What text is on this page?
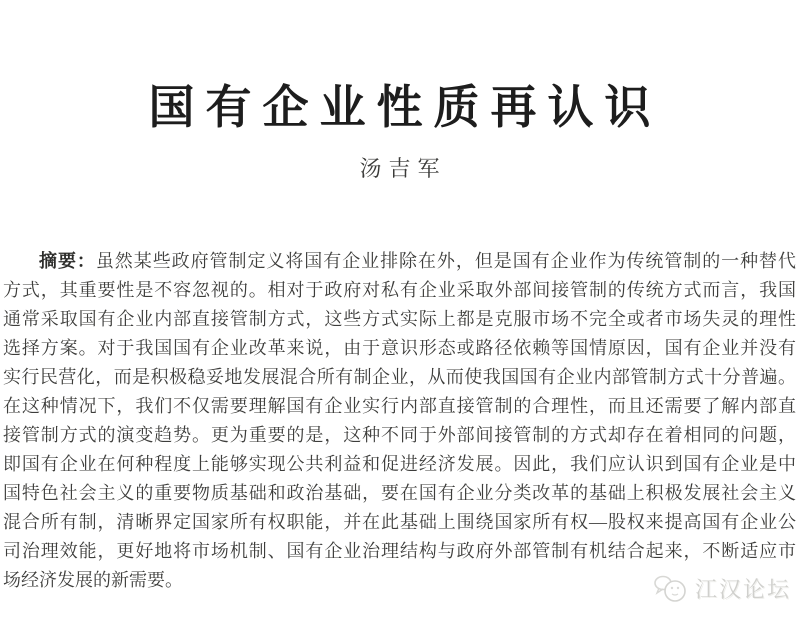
国有企业性质再认识
汤吉军
摘要：虽然某些政府管制定义将国有企业排除在外，但是国有企业作为传统管制的一种替代
方式，其重要性是不容忽视的。相对于政府对私有企业采取外部间接管制的传统方式而言，我国
通常采取国有企业内部直接管制方式，这些方式实际上都是克服市场不完全或者市场失灵的理性
选择方案。对于我国国有企业改革来说，由于意识形态或路径依赖等国情原因，国有企业并没有
实行民营化，而是积极稳妥地发展混合所有制企业，从而使我国国有企业内部管制方式十分普遍。
在这种情况下，我们不仅需要理解国有企业实行内部直接管制的合理性，而且还需要了解内部直
接管制方式的演变趋势。更为重要的是，这种不同于外部间接管制的方式却存在着相同的问题，
即国有企业在何种程度上能够实现公共利益和促进经济发展。因此，我们应认识到国有企业是中
国特色社会主义的重要物质基础和政治基础，要在国有企业分类改革的基础上积极发展社会主义
混合所有制，清晰界定国家所有权职能，并在此基础上围绕国家所有权—股权来提高国有企业公
司治理效能，更好地将市场机制、国有企业治理结构与政府外部管制有机结合起来，不断适应市
场经济发展的新需要。	江汉论坛
